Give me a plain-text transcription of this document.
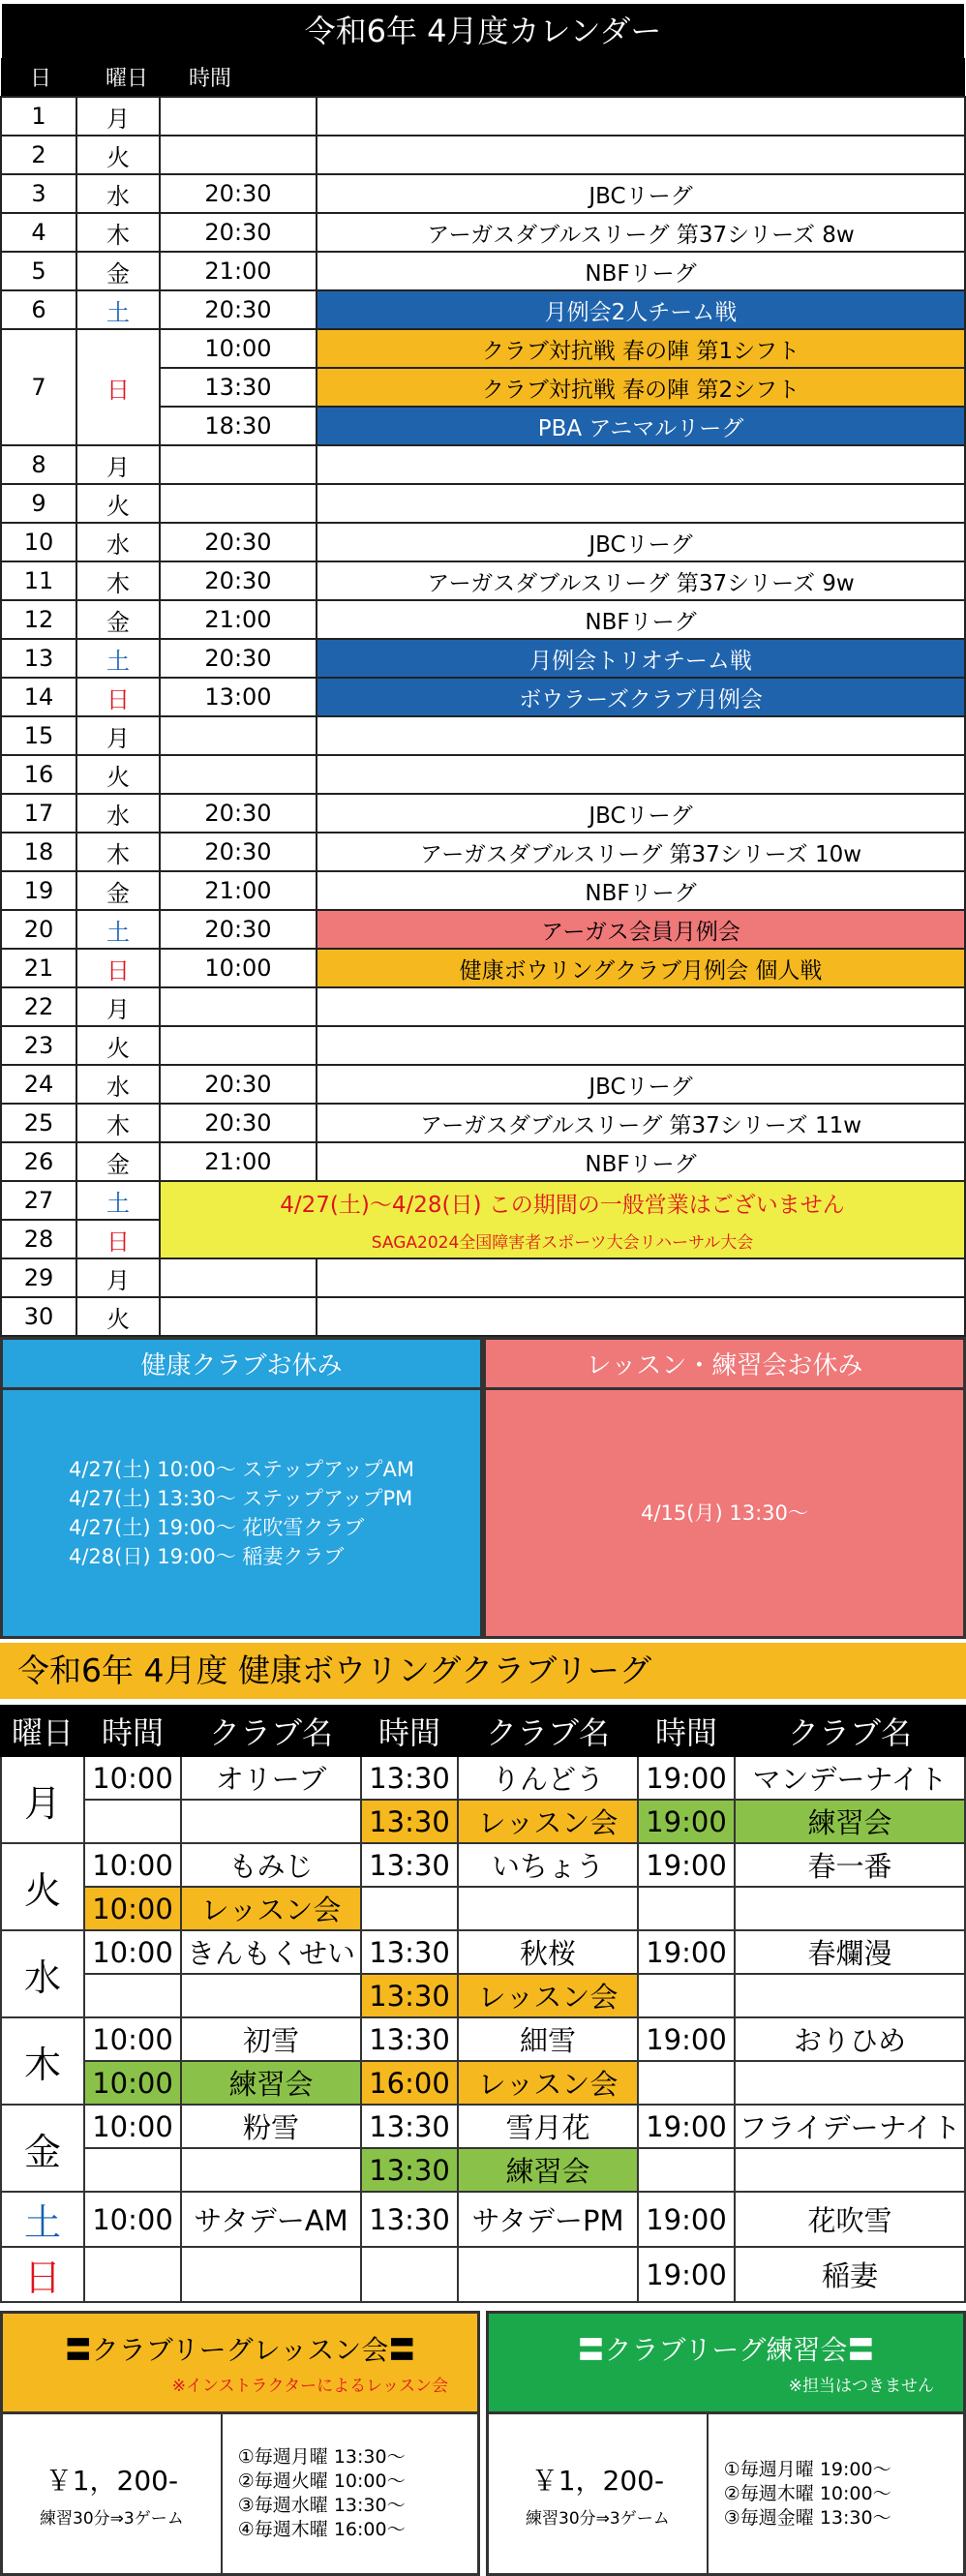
令和6年 4月度カレンダー
日	曜日	時間	
1	月		
2	火		
3	水	20:30	JBCリーグ
4	木	20:30	アーガスダブルスリーグ 第37シリーズ 8w
5	金	21:00	NBFリーグ
6	土	20:30	月例会2人チーム戦
7	日	10:00	クラブ対抗戦 春の陣 第1シフト
		13:30	クラブ対抗戦 春の陣 第2シフト
		18:30	PBA アニマルリーグ
8	月		
9	火		
10	水	20:30	JBCリーグ
11	木	20:30	アーガスダブルスリーグ 第37シリーズ 9w
12	金	21:00	NBFリーグ
13	土	20:30	月例会トリオチーム戦
14	日	13:00	ボウラーズクラブ月例会
15	月		
16	火		
17	水	20:30	JBCリーグ
18	木	20:30	アーガスダブルスリーグ 第37シリーズ 10w
19	金	21:00	NBFリーグ
20	土	20:30	アーガス会員月例会
21	日	10:00	健康ボウリングクラブ月例会 個人戦
22	月		
23	火		
24	水	20:30	JBCリーグ
25	木	20:30	アーガスダブルスリーグ 第37シリーズ 11w
26	金	21:00	NBFリーグ
27	土	4/27(土)～4/28(日) この期間の一般営業はございません
SAGA2024全国障害者スポーツ大会リハーサル大会	

28	日		
29	月		
30	火		
健康クラブお休み
4/27(土) 10:00～ ステップアップAM
4/27(土) 13:30～ ステップアップPM
4/27(土) 19:00～ 花吹雪クラブ
4/28(日) 19:00～ 稲妻クラブ
レッスン・練習会お休み
4/15(月) 13:30～
令和6年 4月度 健康ボウリングクラブリーグ
曜日	時間	クラブ名	時間	クラブ名	時間	クラブ名
月	10:00	オリーブ	13:30	りんどう	19:00	マンデーナイト
			13:30	レッスン会	19:00	練習会
火	10:00	もみじ	13:30	いちょう	19:00	春一番
	10:00	レッスン会				
水	10:00	きんもくせい	13:30	秋桜	19:00	春爛漫
			13:30	レッスン会		
木	10:00	初雪	13:30	細雪	19:00	おりひめ
	10:00	練習会	16:00	レッスン会		
金	10:00	粉雪	13:30	雪月花	19:00	フライデーナイト
			13:30	練習会		
土	10:00	サタデーAM	13:30	サタデーPM	19:00	花吹雪
日					19:00	稲妻
〓クラブリーグレッスン会〓
※インストラクターによるレッスン会
￥1，200-
練習30分⇒3ゲーム
①毎週月曜 13:30～
②毎週火曜 10:00～
③毎週水曜 13:30～
④毎週木曜 16:00～
〓クラブリーグ練習会〓
※担当はつきません
￥1，200-
練習30分⇒3ゲーム
①毎週月曜 19:00～
②毎週木曜 10:00～
③毎週金曜 13:30～
